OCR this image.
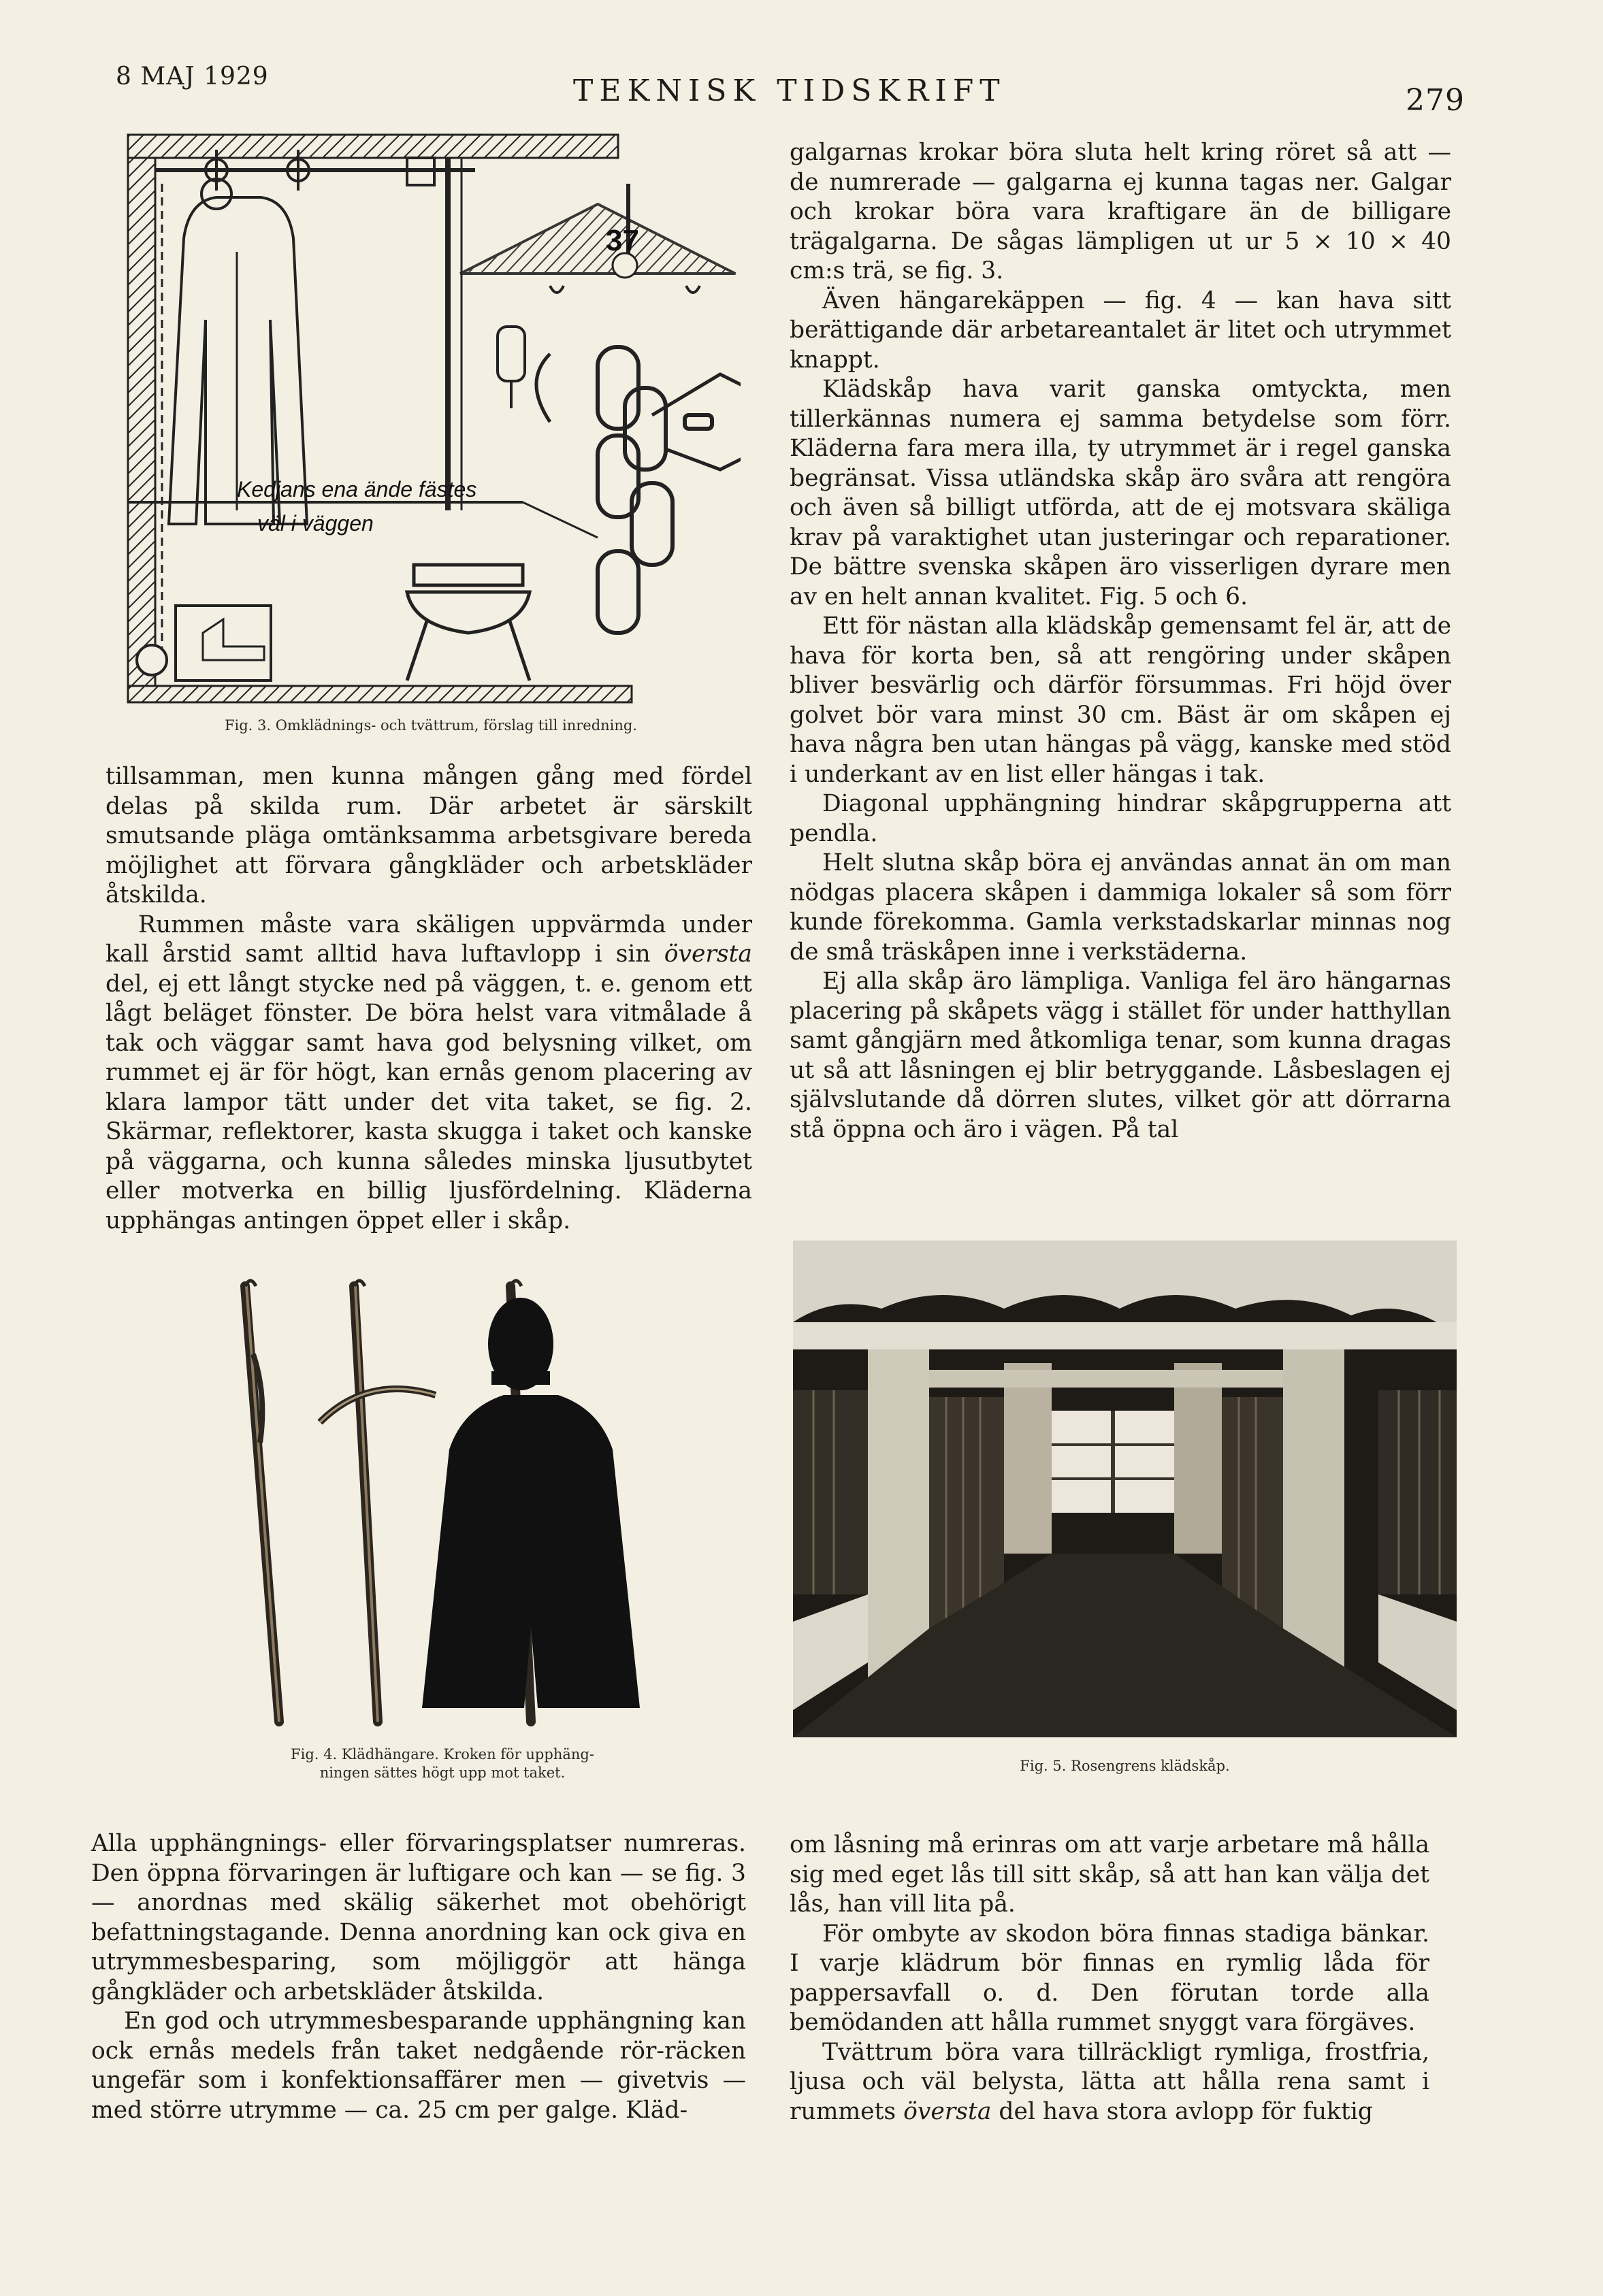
8 MAJ 1929	TEKNISK TIDSKRIFT	279
37
Kedjans ena ände fästes
väl i väggen
Fig. 3. Omklädnings- och tvättrum, förslag till inredning.

tillsamman, men kunna mången gång med fördel delas på skilda rum. Där arbetet är särskilt smutsande pläga omtänksamma arbetsgivare bereda möjlighet att förvara gångkläder och arbetskläder åtskilda.

Rummen måste vara skäligen uppvärmda under kall årstid samt alltid hava luftavlopp i sin översta del, ej ett långt stycke ned på väggen, t. e. genom ett lågt beläget fönster. De böra helst vara vitmålade å tak och väggar samt hava god belysning vilket, om rummet ej är för högt, kan ernås genom placering av klara lampor tätt under det vita taket, se fig. 2. Skärmar, reflektorer, kasta skugga i taket och kanske på väggarna, och kunna således minska ljusutbytet eller motverka en billig ljusfördelning. Kläderna upphängas antingen öppet eller i skåp.

galgarnas krokar böra sluta helt kring röret så att — de numrerade — galgarna ej kunna tagas ner. Galgar och krokar böra vara kraftigare än de billigare trägalgarna. De sågas lämpligen ut ur 5 × 10 × 40 cm:s trä, se fig. 3.

Även hängarekäppen — fig. 4 — kan hava sitt berättigande där arbetareantalet är litet och utrymmet knappt.

Klädskåp hava varit ganska omtyckta, men tillerkännas numera ej samma betydelse som förr. Kläderna fara mera illa, ty utrymmet är i regel ganska begränsat. Vissa utländska skåp äro svåra att rengöra och även så billigt utförda, att de ej motsvara skäliga krav på varaktighet utan justeringar och reparationer. De bättre svenska skåpen äro visserligen dyrare men av en helt annan kvalitet. Fig. 5 och 6.

Ett för nästan alla klädskåp gemensamt fel är, att de hava för korta ben, så att rengöring under skåpen bliver besvärlig och därför försummas. Fri höjd över golvet bör vara minst 30 cm. Bäst är om skåpen ej hava några ben utan hängas på vägg, kanske med stöd i underkant av en list eller hängas i tak.

Diagonal upphängning hindrar skåpgrupperna att pendla.

Helt slutna skåp böra ej användas annat än om man nödgas placera skåpen i dammiga lokaler så som förr kunde förekomma. Gamla verkstadskarlar minnas nog de små träskåpen inne i verkstäderna.

Ej alla skåp äro lämpliga. Vanliga fel äro hängarnas placering på skåpets vägg i stället för under hatthyllan samt gångjärn med åtkomliga tenar, som kunna dragas ut så att låsningen ej blir betryggande. Låsbeslagen ej självslutande då dörren slutes, vilket gör att dörrarna stå öppna och äro i vägen. På tal

Fig. 4. Klädhängare. Kroken för upphäng-
ningen sättes högt upp mot taket.	Fig. 5. Rosengrens klädskåp.

Alla upphängnings- eller förvaringsplatser numreras. Den öppna förvaringen är luftigare och kan — se fig. 3 — anordnas med skälig säkerhet mot obehörigt befattningstagande. Denna anordning kan ock giva en utrymmesbesparing, som möjliggör att hänga gångkläder och arbetskläder åtskilda.

En god och utrymmesbesparande upphängning kan ock ernås medels från taket nedgående rör-räcken ungefär som i konfektionsaffärer men — givetvis — med större utrymme — ca. 25 cm per galge. Kläd-

om låsning må erinras om att varje arbetare må hålla sig med eget lås till sitt skåp, så att han kan välja det lås, han vill lita på.

För ombyte av skodon böra finnas stadiga bänkar. I varje klädrum bör finnas en rymlig låda för pappersavfall o. d. Den förutan torde alla bemödanden att hålla rummet snyggt vara förgäves.

Tvättrum böra vara tillräckligt rymliga, frostfria, ljusa och väl belysta, lätta att hålla rena samt i rummets översta del hava stora avlopp för fuktig
